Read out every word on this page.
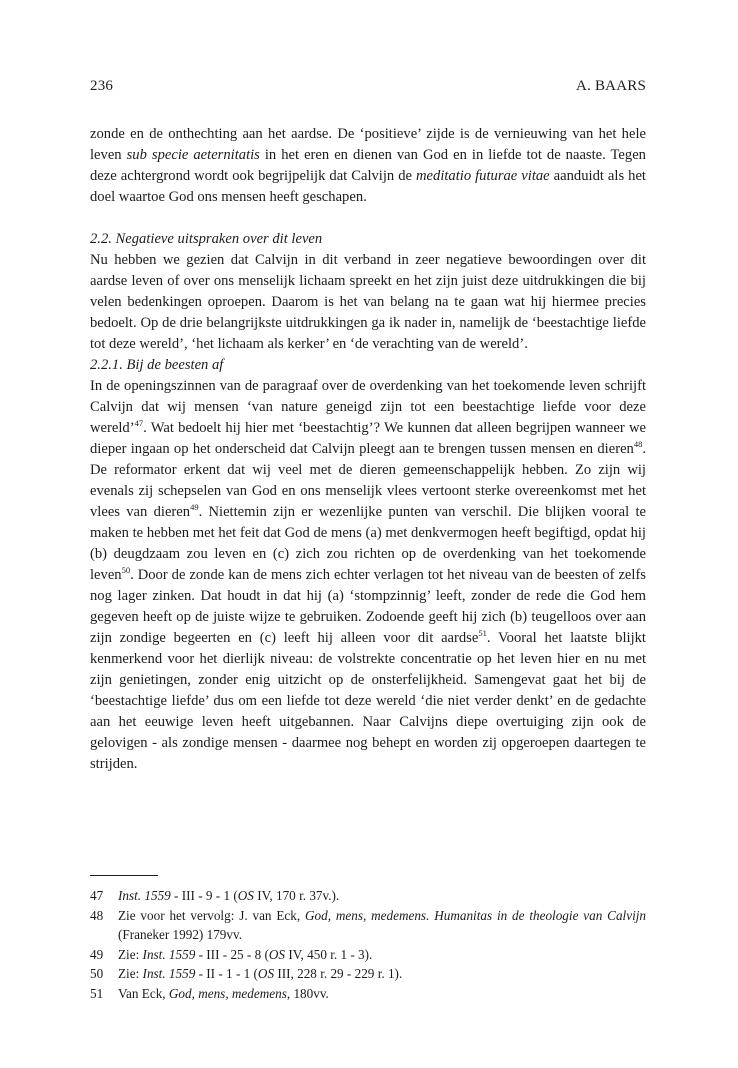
236	A. BAARS

zonde en de onthechting aan het aardse. De ‘positieve’ zijde is de vernieuwing van het hele leven sub specie aeternitatis in het eren en dienen van God en in liefde tot de naaste. Tegen deze achtergrond wordt ook begrijpelijk dat Calvijn de meditatio futurae vitae aanduidt als het doel waartoe God ons mensen heeft geschapen.

2.2. Negatieve uitspraken over dit leven

Nu hebben we gezien dat Calvijn in dit verband in zeer negatieve bewoordingen over dit aardse leven of over ons menselijk lichaam spreekt en het zijn juist deze uitdrukkingen die bij velen bedenkingen oproepen. Daarom is het van belang na te gaan wat hij hiermee precies bedoelt. Op de drie belangrijkste uitdrukkingen ga ik nader in, namelijk de ‘beestachtige liefde tot deze wereld’, ‘het lichaam als kerker’ en ‘de verachting van de wereld’.

2.2.1. Bij de beesten af

In de openingszinnen van de paragraaf over de overdenking van het toekomende leven schrijft Calvijn dat wij mensen ‘van nature geneigd zijn tot een beestachtige liefde voor deze wereld’$^{47}$. Wat bedoelt hij hier met ‘beestachtig’? We kunnen dat alleen begrijpen wanneer we dieper ingaan op het onderscheid dat Calvijn pleegt aan te brengen tussen mensen en dieren$^{48}$. De reformator erkent dat wij veel met de dieren gemeenschappelijk hebben. Zo zijn wij evenals zij schepselen van God en ons menselijk vlees vertoont sterke overeenkomst met het vlees van dieren$^{49}$. Niettemin zijn er wezenlijke punten van verschil. Die blijken vooral te maken te hebben met het feit dat God de mens (a) met denkvermogen heeft begiftigd, opdat hij (b) deugdzaam zou leven en (c) zich zou richten op de overdenking van het toekomende leven$^{50}$. Door de zonde kan de mens zich echter verlagen tot het niveau van de beesten of zelfs nog lager zinken. Dat houdt in dat hij (a) ‘stompzinnig’ leeft, zonder de rede die God hem gegeven heeft op de juiste wijze te gebruiken. Zodoende geeft hij zich (b) teugelloos over aan zijn zondige begeerten en (c) leeft hij alleen voor dit aardse$^{51}$. Vooral het laatste blijkt kenmerkend voor het dierlijk niveau: de volstrekte concentratie op het leven hier en nu met zijn genietingen, zonder enig uitzicht op de onsterfelijkheid. Samengevat gaat het bij de ‘beestachtige liefde’ dus om een liefde tot deze wereld ‘die niet verder denkt’ en de gedachte aan het eeuwige leven heeft uitgebannen. Naar Calvijns diepe overtuiging zijn ook de gelovigen - als zondige mensen - daarmee nog behept en worden zij opgeroepen daartegen te strijden.

47	Inst. 1559 - III - 9 - 1 (OS IV, 170 r. 37v.).
48	Zie voor het vervolg: J. van Eck, God, mens, medemens. Humanitas in de theologie van Calvijn (Franeker 1992) 179vv.
49	Zie: Inst. 1559 - III - 25 - 8 (OS IV, 450 r. 1 - 3).
50	Zie: Inst. 1559 - II - 1 - 1 (OS III, 228 r. 29 - 229 r. 1).
51	Van Eck, God, mens, medemens, 180vv.
